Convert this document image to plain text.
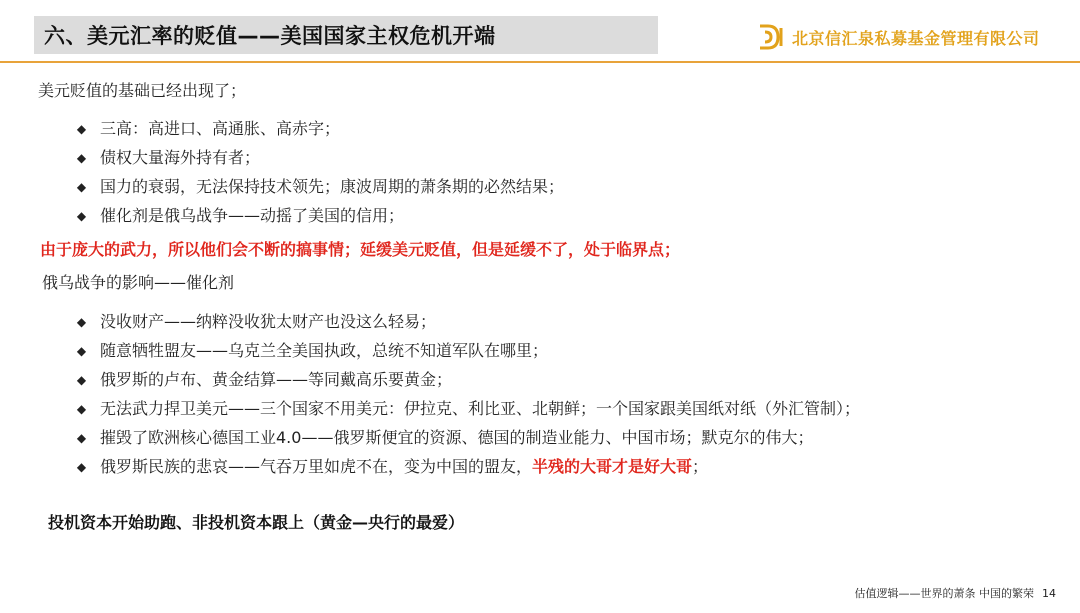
六、美元汇率的贬值——美国国家主权危机开端	北京信汇泉私募基金管理有限公司
美元贬值的基础已经出现了；
◆ 三高：高进口、高通胀、高赤字；
◆ 债权大量海外持有者；
◆ 国力的衰弱，无法保持技术领先；康波周期的萧条期的必然结果；
◆ 催化剂是俄乌战争——动摇了美国的信用；
由于庞大的武力，所以他们会不断的搞事情；延缓美元贬值，但是延缓不了，处于临界点；
俄乌战争的影响——催化剂
◆ 没收财产——纳粹没收犹太财产也没这么轻易；
◆ 随意牺牲盟友——乌克兰全美国执政，总统不知道军队在哪里；
◆ 俄罗斯的卢布、黄金结算——等同戴高乐要黄金；
◆ 无法武力捍卫美元——三个国家不用美元：伊拉克、利比亚、北朝鲜；一个国家跟美国纸对纸（外汇管制）；
◆ 摧毁了欧洲核心德国工业4.0——俄罗斯便宜的资源、德国的制造业能力、中国市场；默克尔的伟大；
◆ 俄罗斯民族的悲哀——气吞万里如虎不在，变为中国的盟友， 半残的大哥才是好大哥 ；
投机资本开始助跑、非投机资本跟上（黄金—央行的最爱）
估值逻辑——世界的萧条 中国的繁荣 14
